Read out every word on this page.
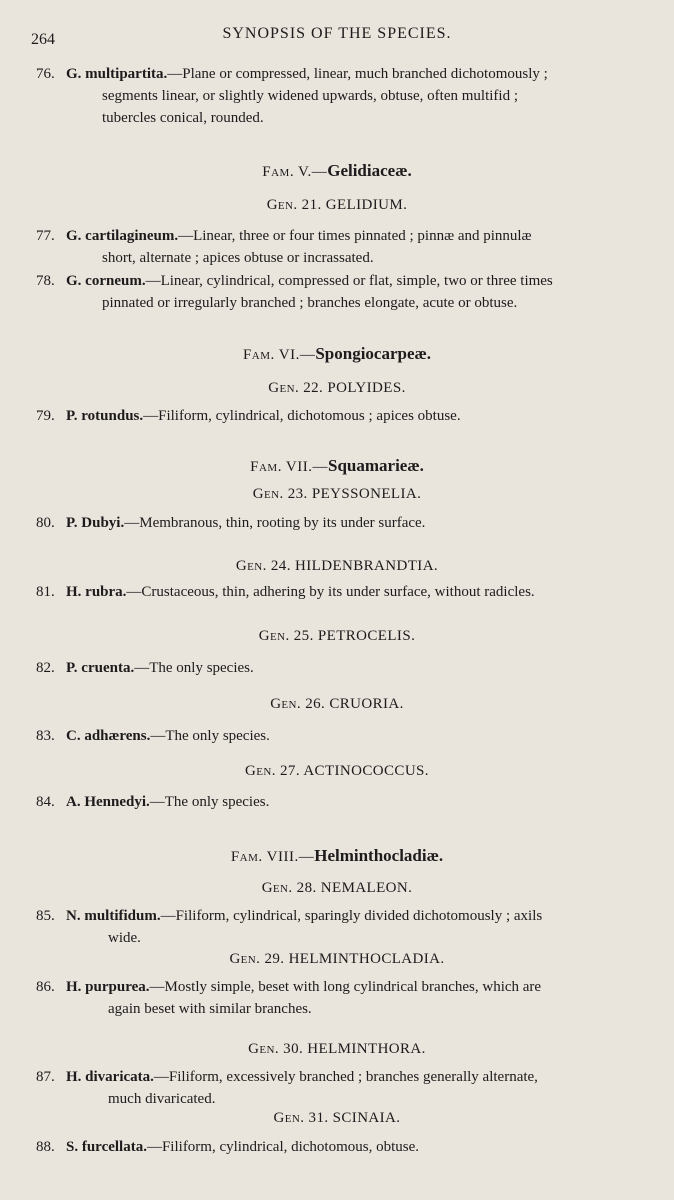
264	SYNOPSIS OF THE SPECIES.
76. G. multipartita.—Plane or compressed, linear, much branched dichotomously ;
segments linear, or slightly widened upwards, obtuse, often multifid ;
tubercles conical, rounded.
Fam. V.—Gelidiaceæ.
Gen. 21. GELIDIUM.
77. G. cartilagineum.—Linear, three or four times pinnated ; pinnæ and pinnulæ
short, alternate ; apices obtuse or incrassated.
78. G. corneum.—Linear, cylindrical, compressed or flat, simple, two or three times
pinnated or irregularly branched ; branches elongate, acute or obtuse.
Fam. VI.—Spongiocarpeæ.
Gen. 22. POLYIDES.
79. P. rotundus.—Filiform, cylindrical, dichotomous ; apices obtuse.
Fam. VII.—Squamarieæ.
Gen. 23. PEYSSONELIA.
80. P. Dubyi.—Membranous, thin, rooting by its under surface.
Gen. 24. HILDENBRANDTIA.
81. H. rubra.—Crustaceous, thin, adhering by its under surface, without radicles.
Gen. 25. PETROCELIS.
82. P. cruenta.—The only species.
Gen. 26. CRUORIA.
83. C. adhærens.—The only species.
Gen. 27. ACTINOCOCCUS.
84. A. Hennedyi.—The only species.
Fam. VIII.—Helminthocladiæ.
Gen. 28. NEMALEON.
85. N. multifidum.—Filiform, cylindrical, sparingly divided dichotomously ; axils
wide.
Gen. 29. HELMINTHOCLADIA.
86. H. purpurea.—Mostly simple, beset with long cylindrical branches, which are
again beset with similar branches.
Gen. 30. HELMINTHORA.
87. H. divaricata.—Filiform, excessively branched ; branches generally alternate,
much divaricated.
Gen. 31. SCINAIA.
88. S. furcellata.—Filiform, cylindrical, dichotomous, obtuse.
